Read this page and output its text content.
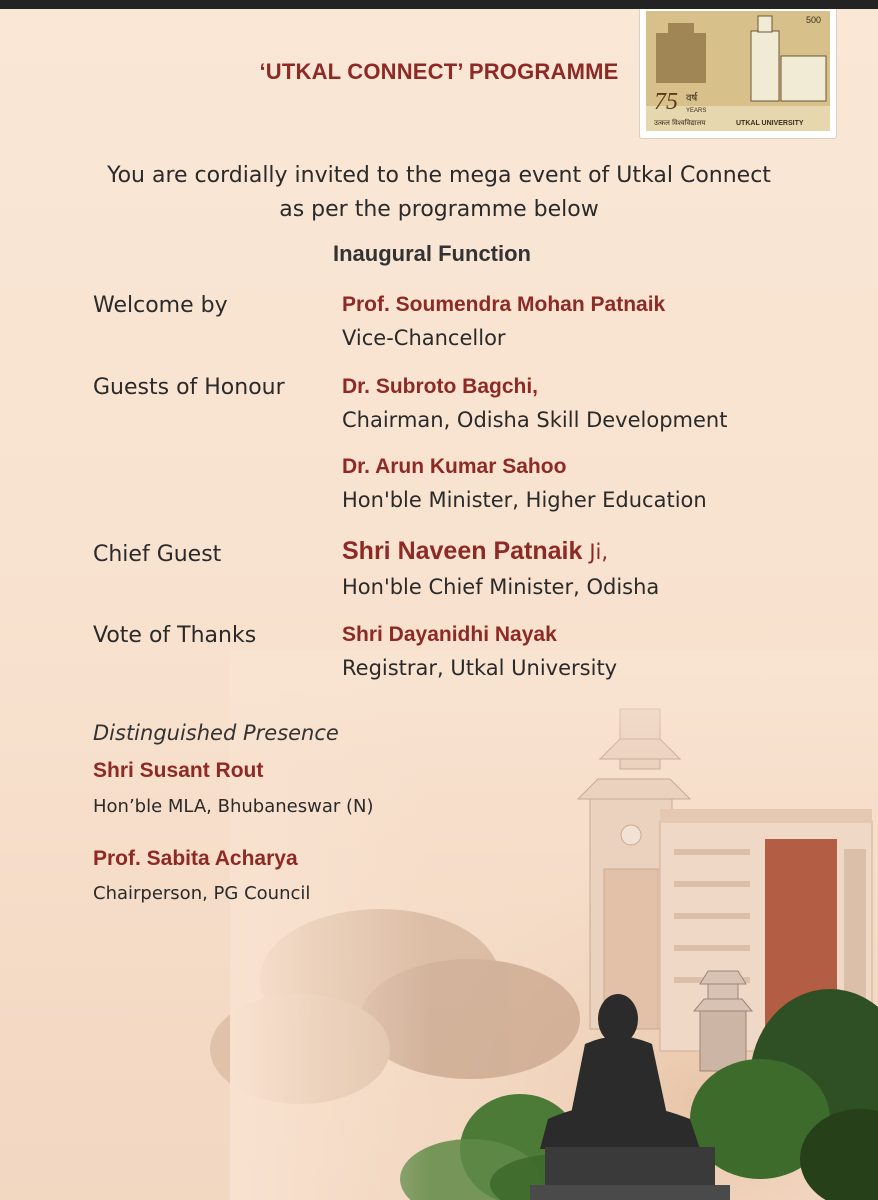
‘UTKAL CONNECT’ PROGRAMME
500
75 वर्ष
YEARS
उत्कल विश्वविद्यालय	UTKAL UNIVERSITY
You are cordially invited to the mega event of Utkal Connect
as per the programme below
Inaugural Function
Welcome by	Prof. Soumendra Mohan Patnaik
Vice-Chancellor
Guests of Honour	Dr. Subroto Bagchi,
Chairman, Odisha Skill Development
Dr. Arun Kumar Sahoo
Hon'ble Minister, Higher Education
Chief Guest	Shri Naveen Patnaik Ji,
Hon'ble Chief Minister, Odisha
Vote of Thanks	Shri Dayanidhi Nayak
Registrar, Utkal University
Distinguished Presence
Shri Susant Rout
Hon’ble MLA, Bhubaneswar (N)
Prof. Sabita Acharya
Chairperson, PG Council
